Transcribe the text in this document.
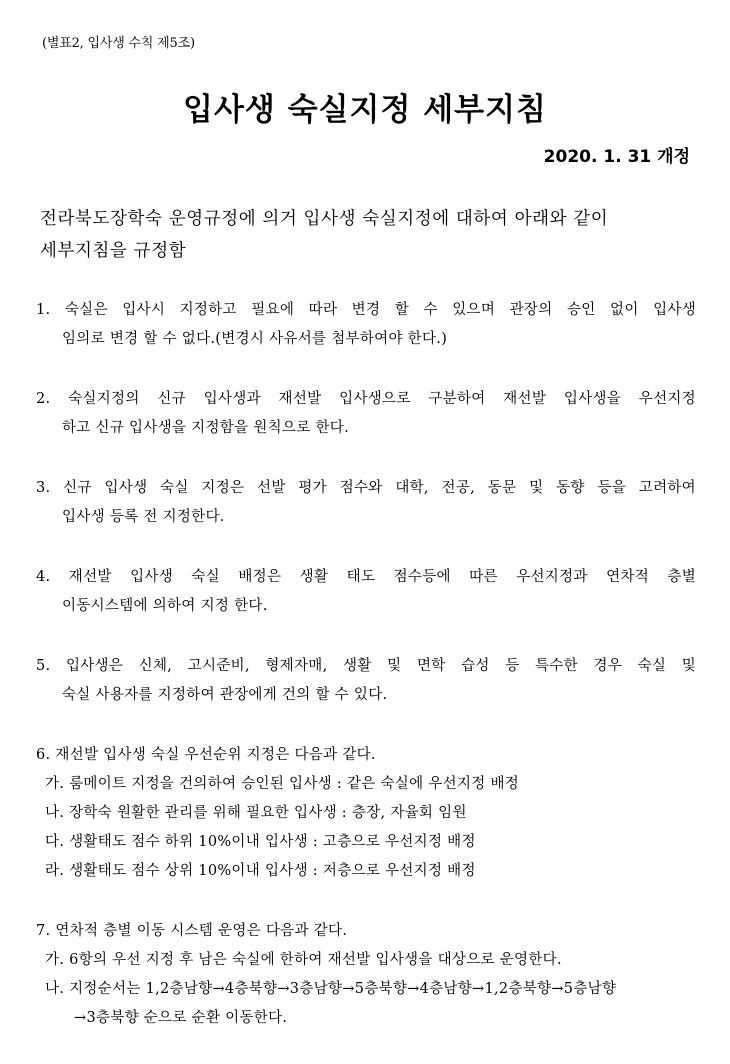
(별표2, 입사생 수칙 제5조)
입사생 숙실지정 세부지침
2020. 1. 31 개정
전라북도장학숙 운영규정에 의거 입사생 숙실지정에 대하여 아래와 같이
세부지침을 규정함
1. 숙실은 입사시 지정하고 필요에 따라 변경 할 수 있으며 관장의 승인 없이 입사생
임의로 변경 할 수 없다.(변경시 사유서를 첨부하여야 한다.)
2. 숙실지정의 신규 입사생과 재선발 입사생으로 구분하여 재선발 입사생을 우선지정
하고 신규 입사생을 지정함을 원칙으로 한다.
3. 신규 입사생 숙실 지정은 선발 평가 점수와 대학, 전공, 동문 및 동향 등을 고려하여
입사생 등록 전 지정한다.
4. 재선발 입사생 숙실 배정은 생활 태도 점수등에 따른 우선지정과 연차적 층별
이동시스템에 의하여 지정 한다.
5. 입사생은 신체, 고시준비, 형제자매, 생활 및 면학 습성 등 특수한 경우 숙실 및
숙실 사용자를 지정하여 관장에게 건의 할 수 있다.
6. 재선발 입사생 숙실 우선순위 지정은 다음과 같다.
가. 룸메이트 지정을 건의하여 승인된 입사생 : 같은 숙실에 우선지정 배정
나. 장학숙 원활한 관리를 위해 필요한 입사생 : 층장, 자율회 임원
다. 생활태도 점수 하위 10%이내 입사생 : 고층으로 우선지정 배정
라. 생활태도 점수 상위 10%이내 입사생 : 저층으로 우선지정 배정
7. 연차적 층별 이동 시스템 운영은 다음과 같다.
가. 6항의 우선 지정 후 남은 숙실에 한하여 재선발 입사생을 대상으로 운영한다.
나. 지정순서는 1,2층남향→4층북향→3층남향→5층북향→4층남향→1,2층북향→5층남향
→3층북향 순으로 순환 이동한다.
